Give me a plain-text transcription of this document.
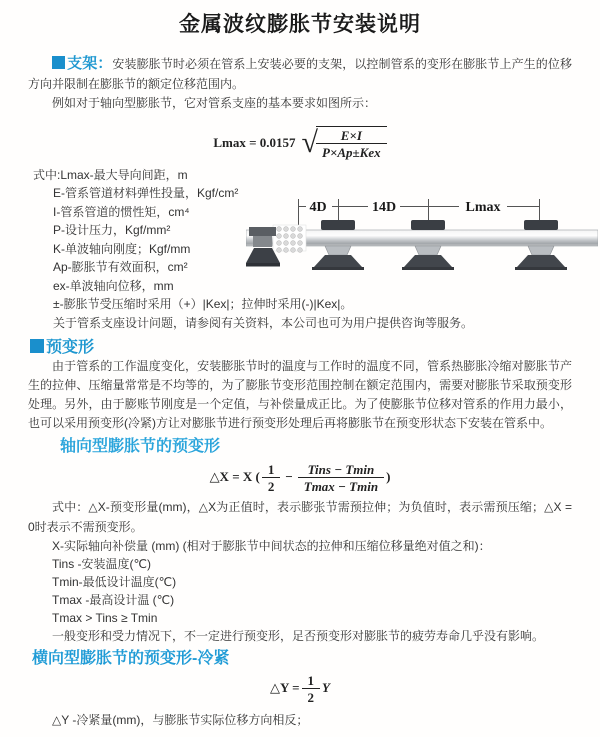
金属波纹膨胀节安装说明

支架：安装膨胀节时必须在管系上安装必要的支架，以控制管系的变形在膨胀节上产生的位移方向并限制在膨胀节的额定位移范围内。

例如对于轴向型膨胀节，它对管系支座的基本要求如图所示：

Lmax = 0.0157 √	E×I
P×Ap±Kex
式中:Lmax-最大导向间距，m
E-管系管道材料弹性投量，Kgf/cm²
I-管系管道的惯性矩，cm⁴
P-设计压力，Kgf/mm²
K-单波轴向刚度；Kgf/mm
Ap-膨胀节有效面积，cm²
ex-单波轴向位移，mm
±-膨胀节受压缩时采用（+）|Kex|；拉伸时采用(-)|Kex|。
关于管系支座设计问题，请参阅有关资料，本公司也可为用户提供咨询等服务。
4D	14D	Lmax
预变形

由于管系的工作温度变化，安装膨胀节时的温度与工作时的温度不同，管系热膨胀冷缩对膨胀节产生的拉伸、压缩量常常是不均等的，为了膨胀节变形范围控制在额定范围内，需要对膨胀节采取预变形处理。另外，由于膨账节刚度是一个定值，与补偿量成正比。为了使膨胀节位移对管系的作用力最小，也可以采用预变形(冷紧)方让对膨胀节进行预变形处理后再将膨胀节在预变形状态下安装在管系中。

轴向型膨胀节的预变形
△X = X ( $\frac{1}{2} - \frac{\text{Tins − Tmin}}{Tmax - Tmin}$ )

式中：△X-预变形量(mm)，△X为正值时，表示膨张节需预拉伸；为负值时，表示需预压缩；△X = 0时表示不需预变形。

X-实际轴向补偿量 (mm) (相对于膨胀节中间状态的拉伸和压缩位移量绝对值之和)：
Tins -安装温度(℃)
Tmin-最低设计温度(℃)
Tmax -最高设计温 (℃)
Tmax > Tins ≥ Tmin
一般变形和受力情况下，不一定进行预变形，足否预变形对膨胀节的疲劳寿命几乎没有影响。
横向型膨胀节的预变形-冷紧
△Y = $\frac{1}{2}$ Y
△Y -冷紧量(mm)，与膨胀节实际位移方向相反；
